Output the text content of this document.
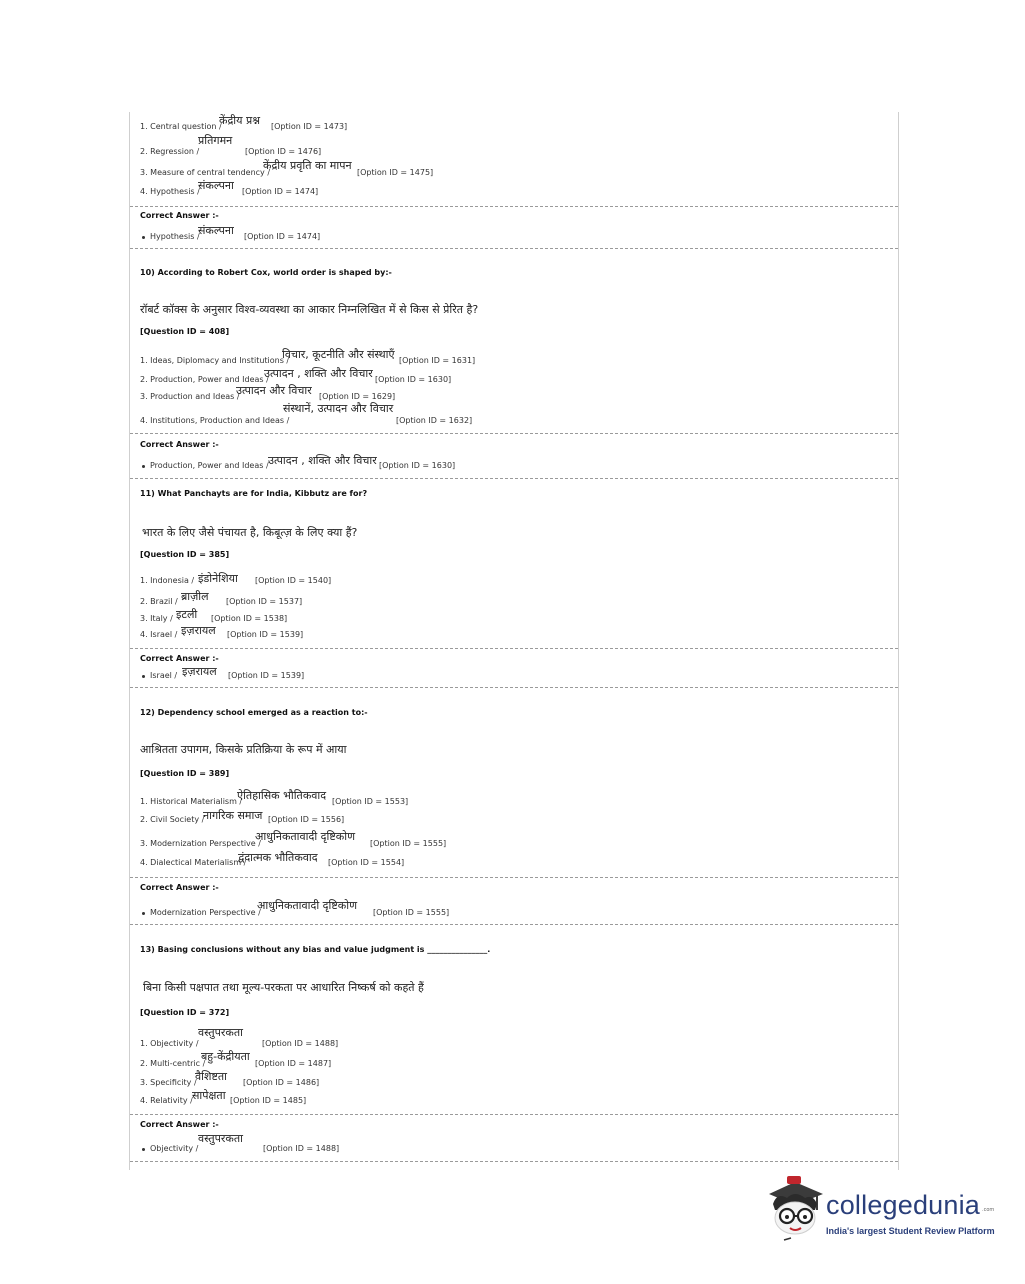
1. Central question /
केंद्रीय प्रश्न [Option ID = 1473]
2. Regression /
प्रतिगमन
[Option ID = 1476]
3. Measure of central tendency /
केंद्रीय प्रवृति का मापन
[Option ID = 1475]
4. Hypothesis /
संकल्पना [Option ID = 1474]
Correct Answer :-
Hypothesis /
संकल्पना [Option ID = 1474]
10) According to Robert Cox, world order is shaped by:-
रॉबर्ट कॉक्स के अनुसार विश्व-व्यवस्था का आकार निम्नलिखित में से किस से प्रेरित है?
[Question ID = 408]
1. Ideas, Diplomacy and Institutions /
विचार, कूटनीति और संस्थाएँ [Option ID = 1631]
2. Production, Power and Ideas /
उत्पादन , शक्ति और विचार [Option ID = 1630]
3. Production and Ideas /
उत्पादन और विचार [Option ID = 1629]
4. Institutions, Production and Ideas /
संस्थानें, उत्पादन और विचार
[Option ID = 1632]
Correct Answer :-
Production, Power and Ideas / उत्पादन , शक्ति और विचार [Option ID = 1630]
11) What Panchayts are for India, Kibbutz are for?
भारत के लिए जैसे पंचायत है, किबूत्ज़ के लिए क्या हैं?
[Question ID = 385]
1. Indonesia / इंडोनेशिया [Option ID = 1540]
2. Brazil / ब्राज़ील [Option ID = 1537]
3. Italy / इटली [Option ID = 1538]
4. Israel / इज़रायल [Option ID = 1539]
Correct Answer :-
Israel / इज़रायल [Option ID = 1539]
12) Dependency school emerged as a reaction to:-
आश्रितता उपागम, किसके प्रतिक्रिया के रूप में आया
[Question ID = 389]
1. Historical Materialism /
ऐतिहासिक भौतिकवाद [Option ID = 1553]
2. Civil Society /
नागरिक समाज [Option ID = 1556]
3. Modernization Perspective /
आधुनिकतावादी दृष्टिकोण
[Option ID = 1555]
4. Dialectical Materialism /
द्वंदात्मक भौतिकवाद [Option ID = 1554]
Correct Answer :-
Modernization Perspective /
आधुनिकतावादी दृष्टिकोण
[Option ID = 1555]
13) Basing conclusions without any bias and value judgment is _______________.
बिना किसी पक्षपात तथा मूल्य-परकता पर आधारित निष्कर्ष को कहते हैं
[Question ID = 372]
1. Objectivity /
वस्तुपरकता
[Option ID = 1488]
2. Multi-centric /
बहु-केंद्रीयता
[Option ID = 1487]
3. Specificity /
वैशिष्टता [Option ID = 1486]
4. Relativity / सापेक्षता [Option ID = 1485]
Correct Answer :-
Objectivity /
वस्तुपरकता
[Option ID = 1488]
collegedunia .com
India's largest Student Review Platform
